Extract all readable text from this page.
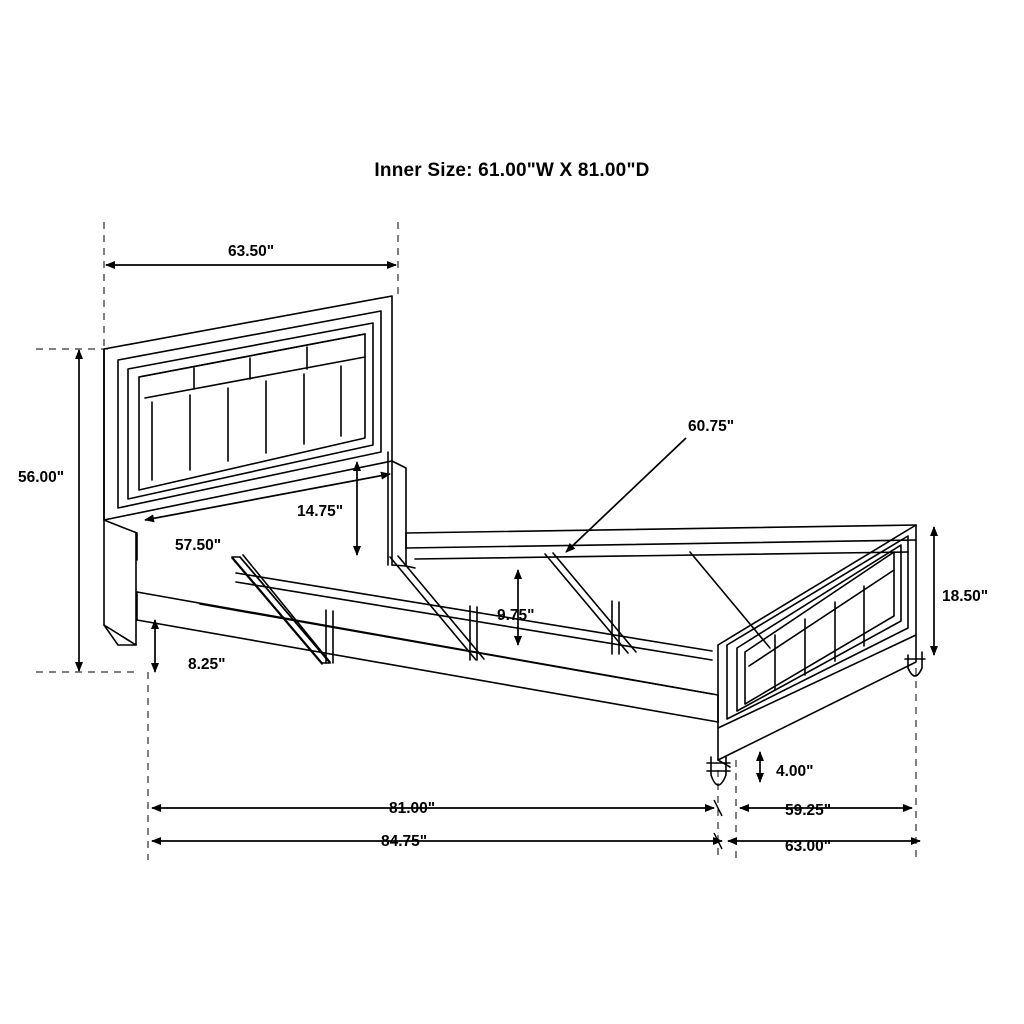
Inner Size: 61.00"W X 81.00"D
63.50"
56.00"
14.75"
57.50"
60.75"
9.75"
8.25"
18.50"
4.00"
81.00"
84.75"
59.25"
63.00"
